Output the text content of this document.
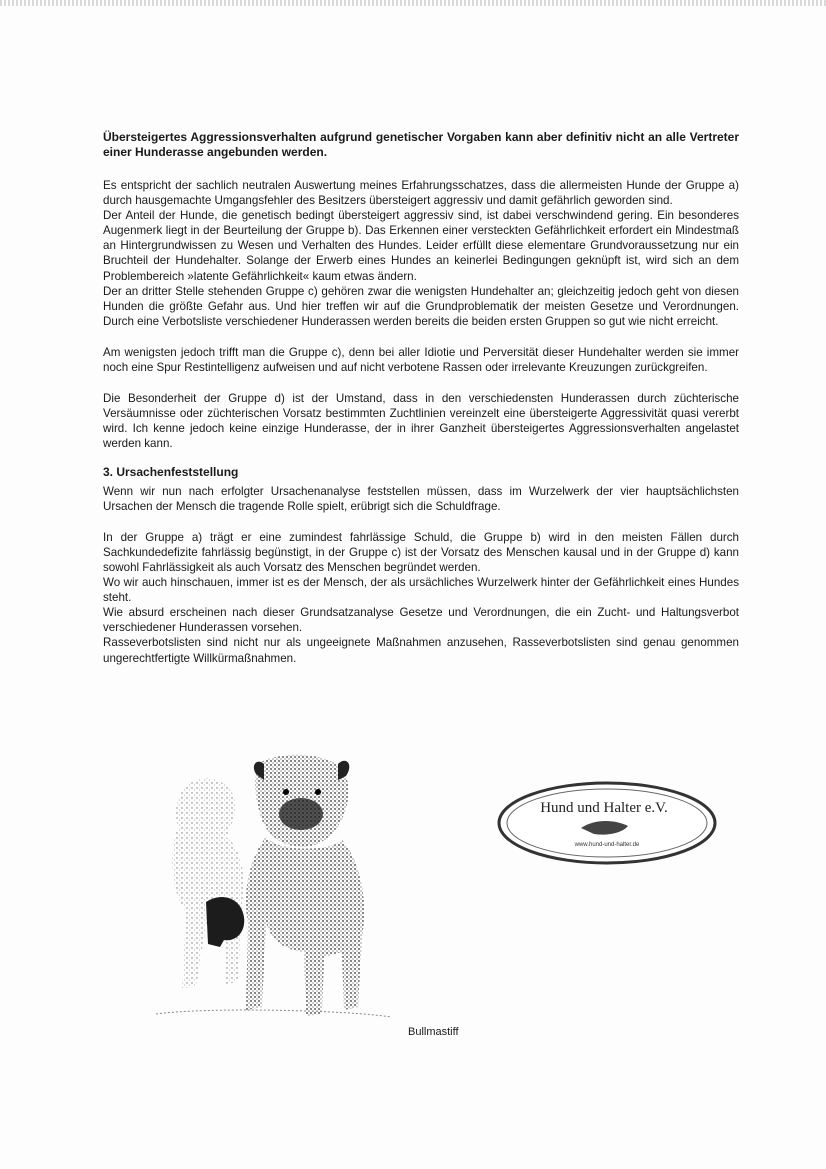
Übersteigertes Aggressionsverhalten aufgrund genetischer Vorgaben kann aber definitiv nicht an alle Vertreter einer Hunderasse angebunden werden.

Es entspricht der sachlich neutralen Auswertung meines Erfahrungsschatzes, dass die allermeisten Hunde der Gruppe a) durch hausgemachte Umgangsfehler des Besitzers übersteigert aggressiv und damit gefährlich geworden sind.

Der Anteil der Hunde, die genetisch bedingt übersteigert aggressiv sind, ist dabei verschwindend gering. Ein besonderes Augenmerk liegt in der Beurteilung der Gruppe b). Das Erkennen einer versteckten Gefährlichkeit erfordert ein Mindestmaß an Hintergrundwissen zu Wesen und Verhalten des Hundes. Leider erfüllt diese elementare Grundvoraussetzung nur ein Bruchteil der Hundehalter. Solange der Erwerb eines Hundes an keinerlei Bedingungen geknüpft ist, wird sich an dem Problembereich »latente Gefährlichkeit« kaum etwas ändern.

Der an dritter Stelle stehenden Gruppe c) gehören zwar die wenigsten Hundehalter an; gleichzeitig jedoch geht von diesen Hunden die größte Gefahr aus. Und hier treffen wir auf die Grundproblematik der meisten Gesetze und Verordnungen. Durch eine Verbotsliste verschiedener Hunderassen werden bereits die beiden ersten Gruppen so gut wie nicht erreicht.

Am wenigsten jedoch trifft man die Gruppe c), denn bei aller Idiotie und Perversität dieser Hundehalter werden sie immer noch eine Spur Restintelligenz aufweisen und auf nicht verbotene Rassen oder irrelevante Kreuzungen zurückgreifen.

Die Besonderheit der Gruppe d) ist der Umstand, dass in den verschiedensten Hunderassen durch züchterische Versäumnisse oder züchterischen Vorsatz bestimmten Zuchtlinien vereinzelt eine übersteigerte Aggressivität quasi vererbt wird. Ich kenne jedoch keine einzige Hunderasse, der in ihrer Ganzheit übersteigertes Aggressionsverhalten angelastet werden kann.

3. Ursachenfeststellung

Wenn wir nun nach erfolgter Ursachenanalyse feststellen müssen, dass im Wurzelwerk der vier hauptsächlichsten Ursachen der Mensch die tragende Rolle spielt, erübrigt sich die Schuldfrage.

In der Gruppe a) trägt er eine zumindest fahrlässige Schuld, die Gruppe b) wird in den meisten Fällen durch Sachkundedefizite fahrlässig begünstigt, in der Gruppe c) ist der Vorsatz des Menschen kausal und in der Gruppe d) kann sowohl Fahrlässigkeit als auch Vorsatz des Menschen begründet werden.

Wo wir auch hinschauen, immer ist es der Mensch, der als ursächliches Wurzelwerk hinter der Gefährlichkeit eines Hundes steht.

Wie absurd erscheinen nach dieser Grundsatzanalyse Gesetze und Verordnungen, die ein Zucht- und Haltungsverbot verschiedener Hunderassen vorsehen.

Rasseverbotslisten sind nicht nur als ungeeignete Maßnahmen anzusehen, Rasseverbotslisten sind genau genommen ungerechtfertigte Willkürmaßnahmen.

Bullmastiff
Hund und Halter e.V.
www.hund-und-halter.de
